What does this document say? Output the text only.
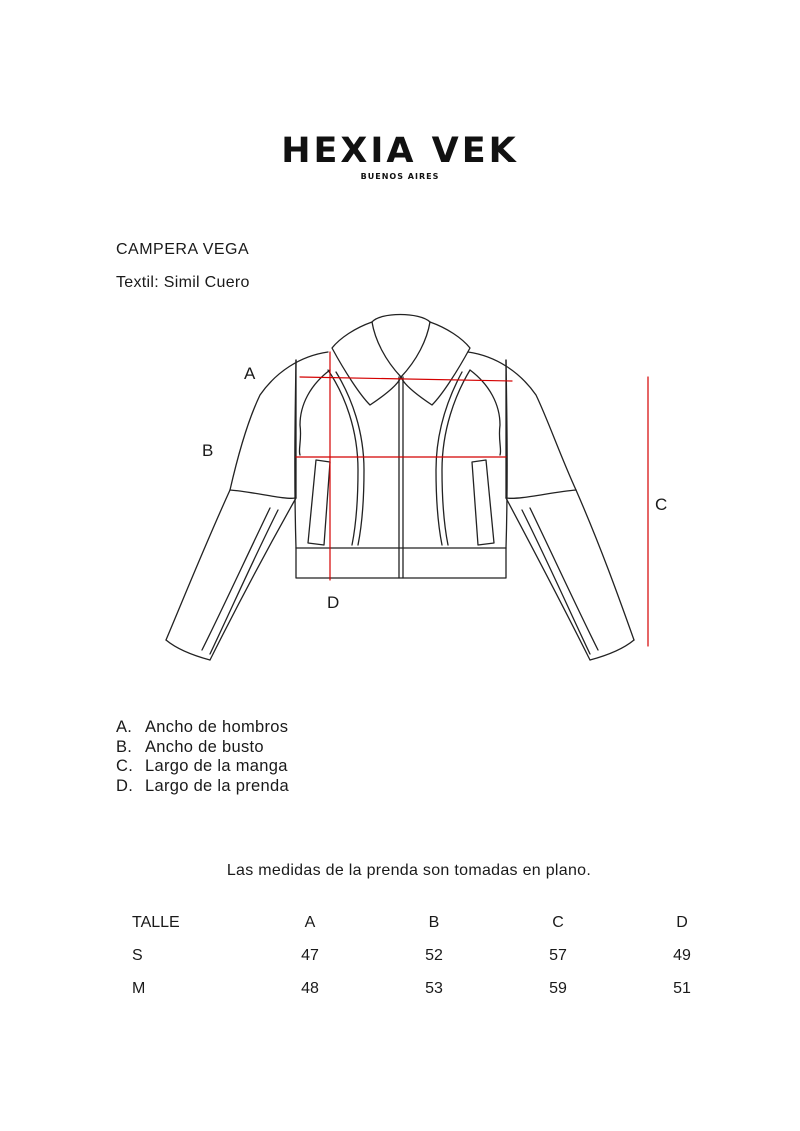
HEXIA VEK
BUENOS AIRES
CAMPERA VEGA
Textil: Simil Cuero
A
B
C
D
A. Ancho de hombros
B. Ancho de busto
C. Largo de la manga
D. Largo de la prenda
Las medidas de la prenda son tomadas en plano.
TALLE	A		B		C		D
S	47		52		57		49
M	48		53		59		51
